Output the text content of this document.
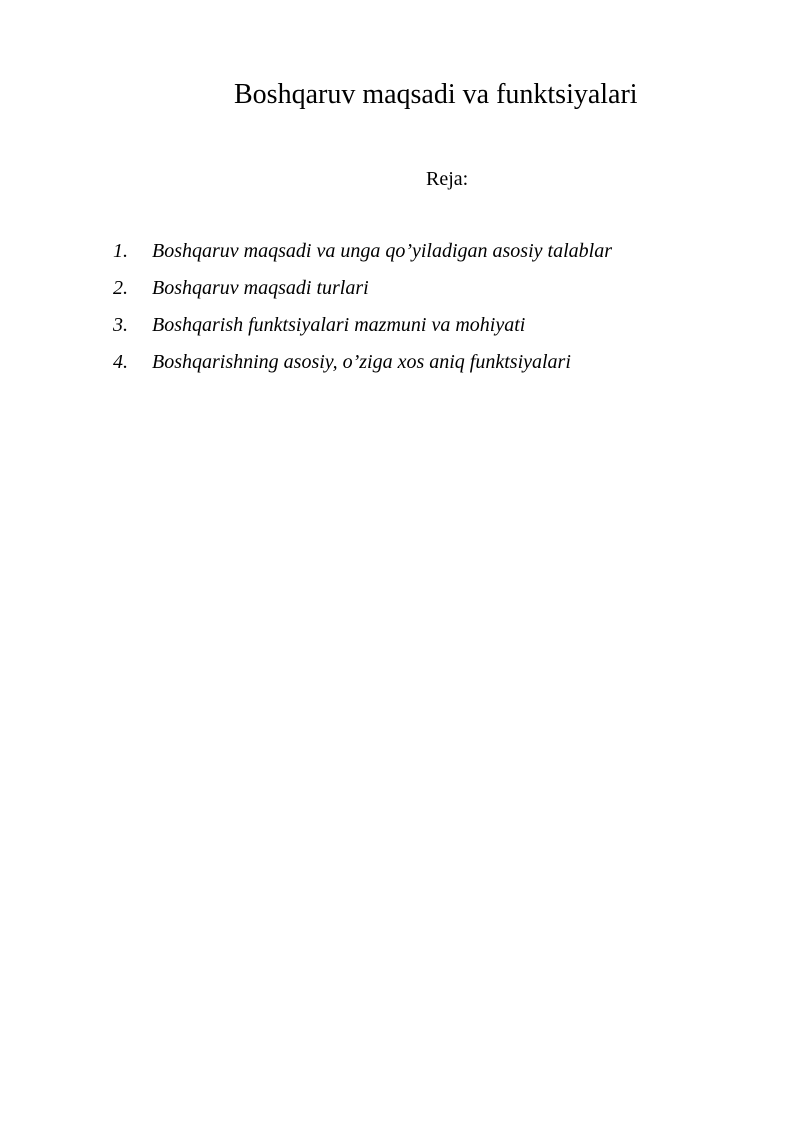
Boshqaruv maqsadi va funktsiyalari
Reja:
1.	Boshqaruv maqsadi va unga qo’yiladigan asosiy talablar
2.	Boshqaruv maqsadi turlari
3.	Boshqarish funktsiyalari mazmuni va mohiyati
4.	Boshqarishning asosiy, o’ziga xos aniq funktsiyalari
